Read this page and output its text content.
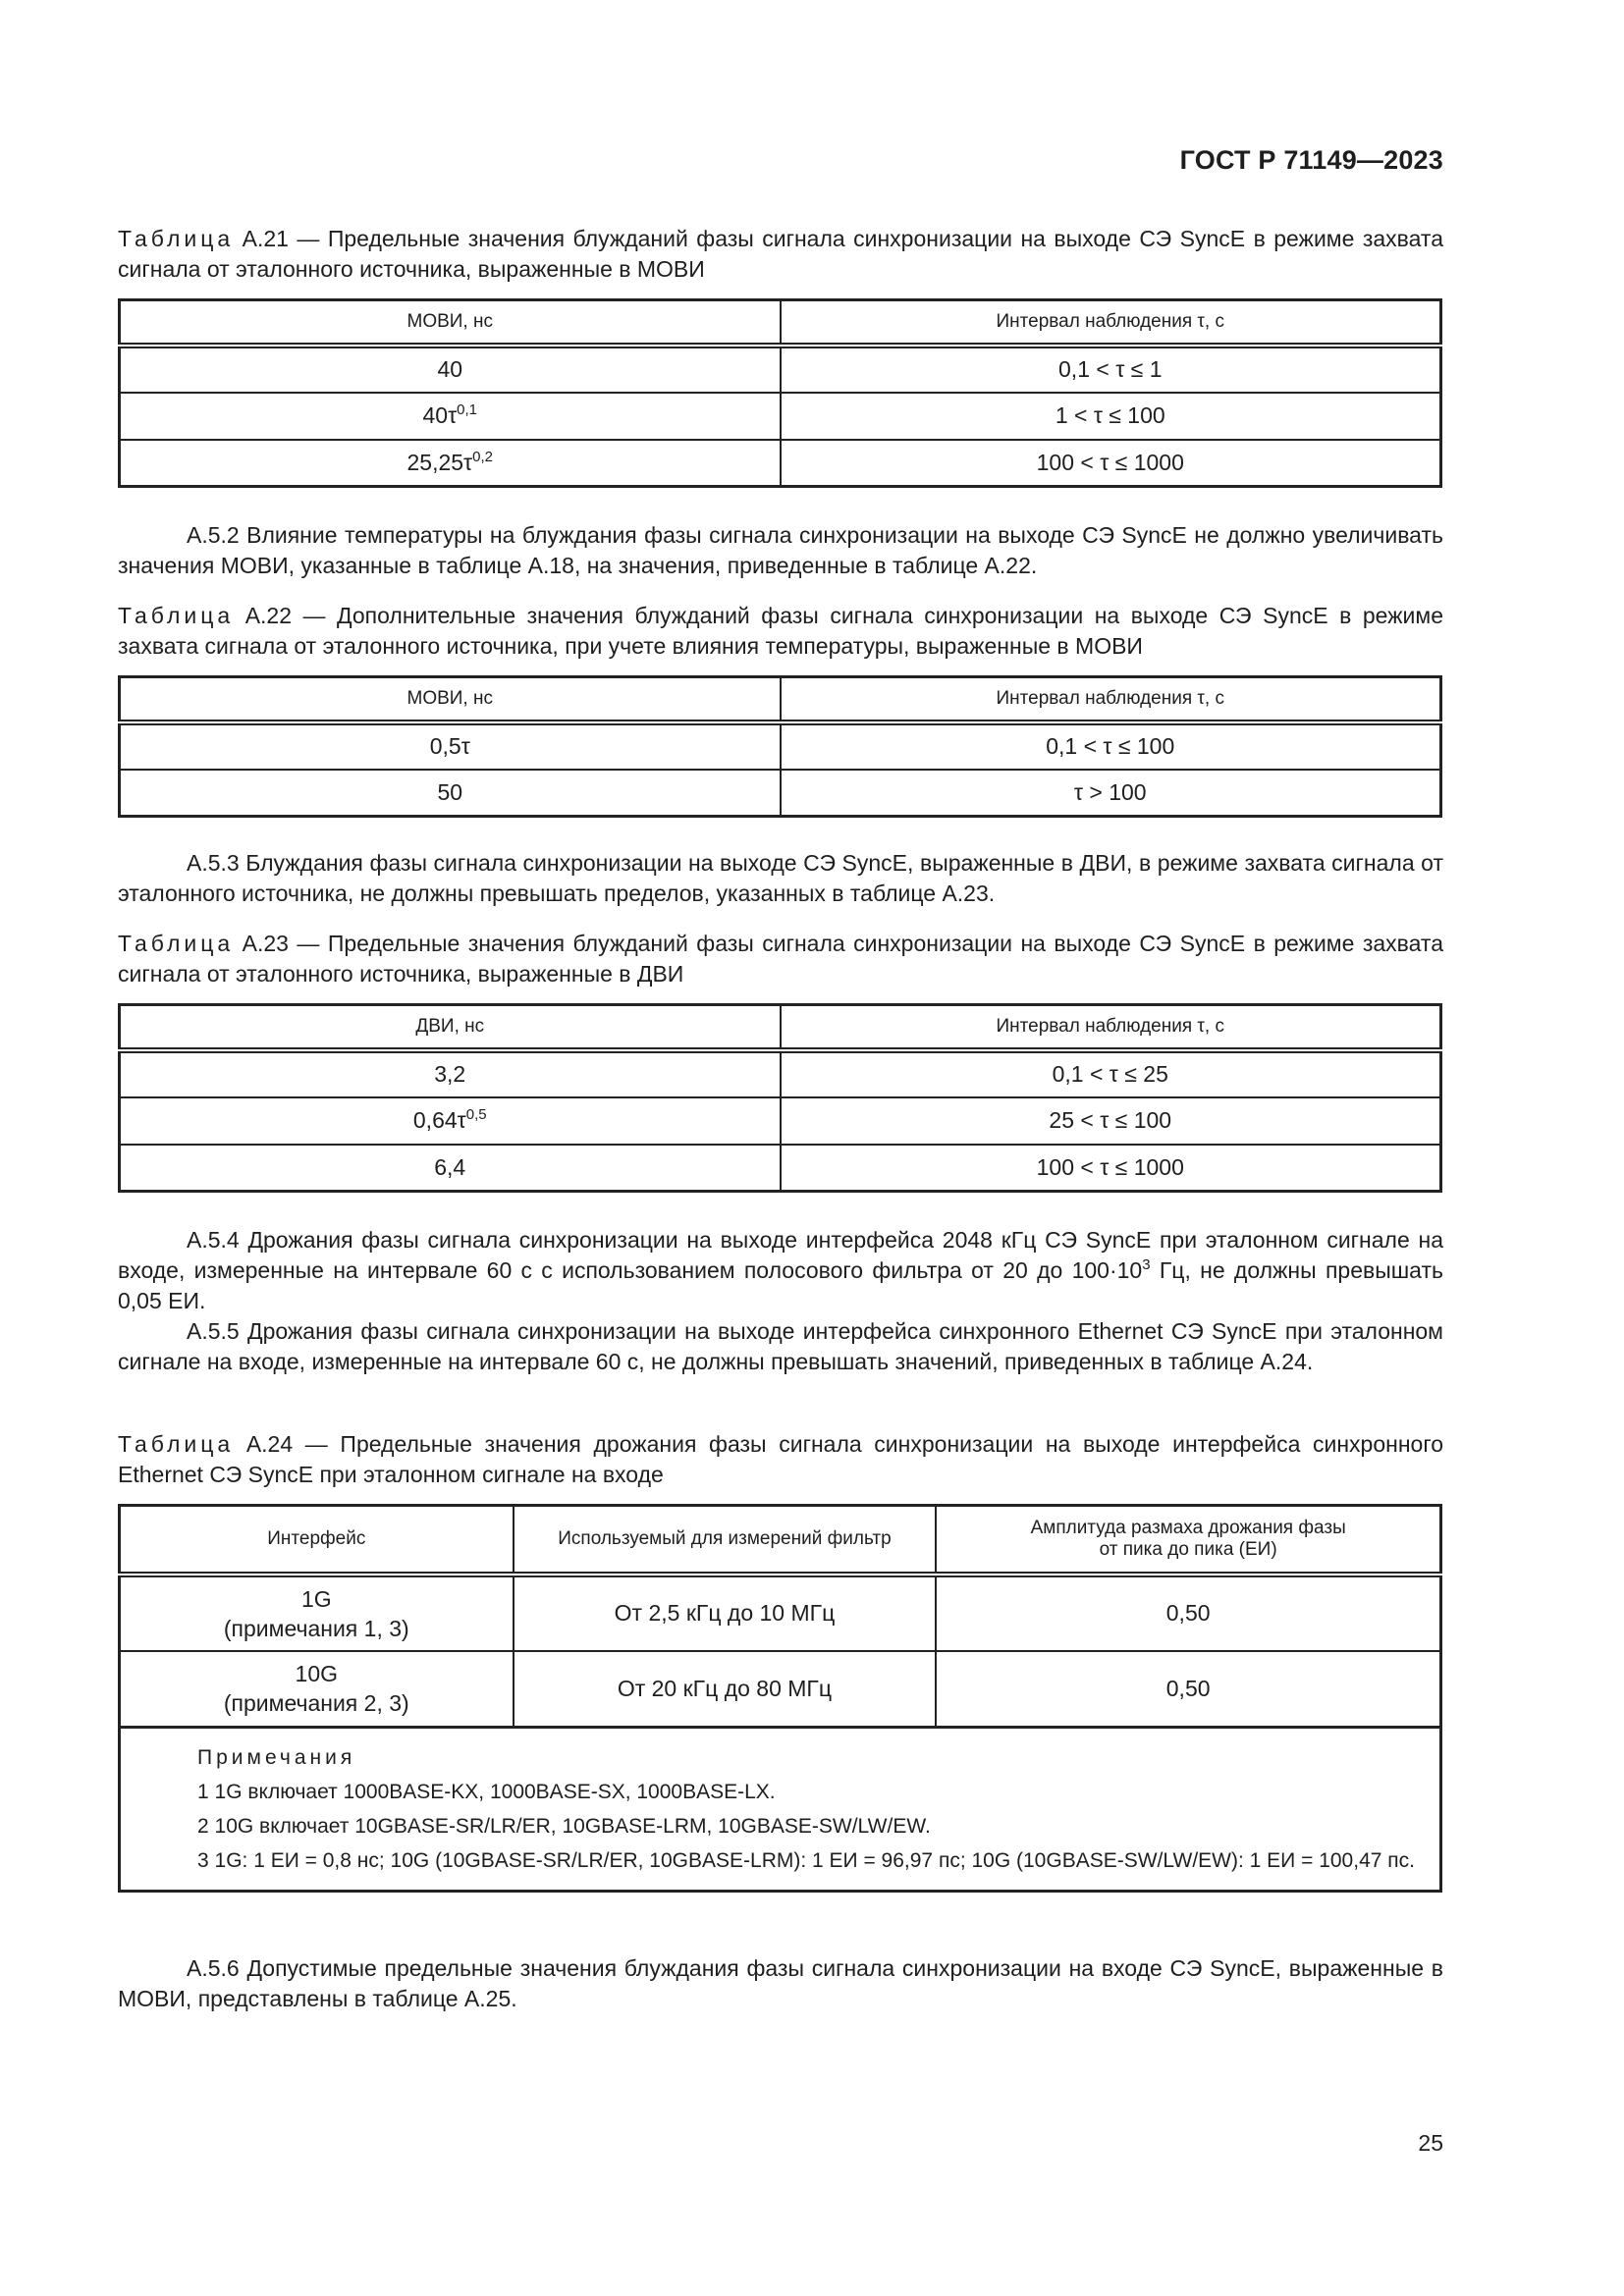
ГОСТ Р 71149—2023
Таблица А.21 — Предельные значения блужданий фазы сигнала синхронизации на выходе СЭ SyncE в режиме захвата сигнала от эталонного источника, выраженные в МОВИ
МОВИ, нс	Интервал наблюдения τ, с
40	0,1 < τ ≤ 1
$40\tau^{0,1}$	1 < τ ≤ 100
$25,25\tau^{0,2}$	100 < τ ≤ 1000

А.5.2 Влияние температуры на блуждания фазы сигнала синхронизации на выходе СЭ SyncE не должно увеличивать значения МОВИ, указанные в таблице А.18, на значения, приведенные в таблице А.22.

Таблица А.22 — Дополнительные значения блужданий фазы сигнала синхронизации на выходе СЭ SyncE в режиме захвата сигнала от эталонного источника, при учете влияния температуры, выраженные в МОВИ
МОВИ, нс	Интервал наблюдения τ, с
0,5τ	0,1 < τ ≤ 100
50	τ > 100

А.5.3 Блуждания фазы сигнала синхронизации на выходе СЭ SyncE, выраженные в ДВИ, в режиме захвата сигнала от эталонного источника, не должны превышать пределов, указанных в таблице А.23.

Таблица А.23 — Предельные значения блужданий фазы сигнала синхронизации на выходе СЭ SyncE в режиме захвата сигнала от эталонного источника, выраженные в ДВИ
ДВИ, нс	Интервал наблюдения τ, с
3,2	0,1 < τ ≤ 25
$0,64\tau^{0,5}$	25 < τ ≤ 100
6,4	100 < τ ≤ 1000

А.5.4 Дрожания фазы сигнала синхронизации на выходе интерфейса 2048 кГц СЭ SyncE при эталонном сигнале на входе, измеренные на интервале 60 с с использованием полосового фильтра от 20 до $100\cdot 10^3$ Гц, не должны превышать 0,05 ЕИ.

А.5.5 Дрожания фазы сигнала синхронизации на выходе интерфейса синхронного Ethernet СЭ SyncE при эталонном сигнале на входе, измеренные на интервале 60 с, не должны превышать значений, приведенных в таблице А.24.

Таблица А.24 — Предельные значения дрожания фазы сигнала синхронизации на выходе интерфейса синхронного Ethernet СЭ SyncE при эталонном сигнале на входе
Интерфейс	Используемый для измерений фильтр	Амплитуда размаха дрожания фазы
от пика до пика (ЕИ)
1G
(примечания 1, 3)	От 2,5 кГц до 10 МГц	0,50
10G
(примечания 2, 3)	От 20 кГц до 80 МГц	0,50

Примечания
1 1G включает 1000BASE-KX, 1000BASE-SX, 1000BASE-LX.
2 10G включает 10GBASE-SR/LR/ER, 10GBASE-LRM, 10GBASE-SW/LW/EW.
3 1G: 1 ЕИ = 0,8 нс; 10G (10GBASE-SR/LR/ER, 10GBASE-LRM): 1 ЕИ = 96,97 пс; 10G (10GBASE-SW/LW/EW): 1 ЕИ = 100,47 пс.		

А.5.6 Допустимые предельные значения блуждания фазы сигнала синхронизации на входе СЭ SyncE, выраженные в МОВИ, представлены в таблице А.25.

25
